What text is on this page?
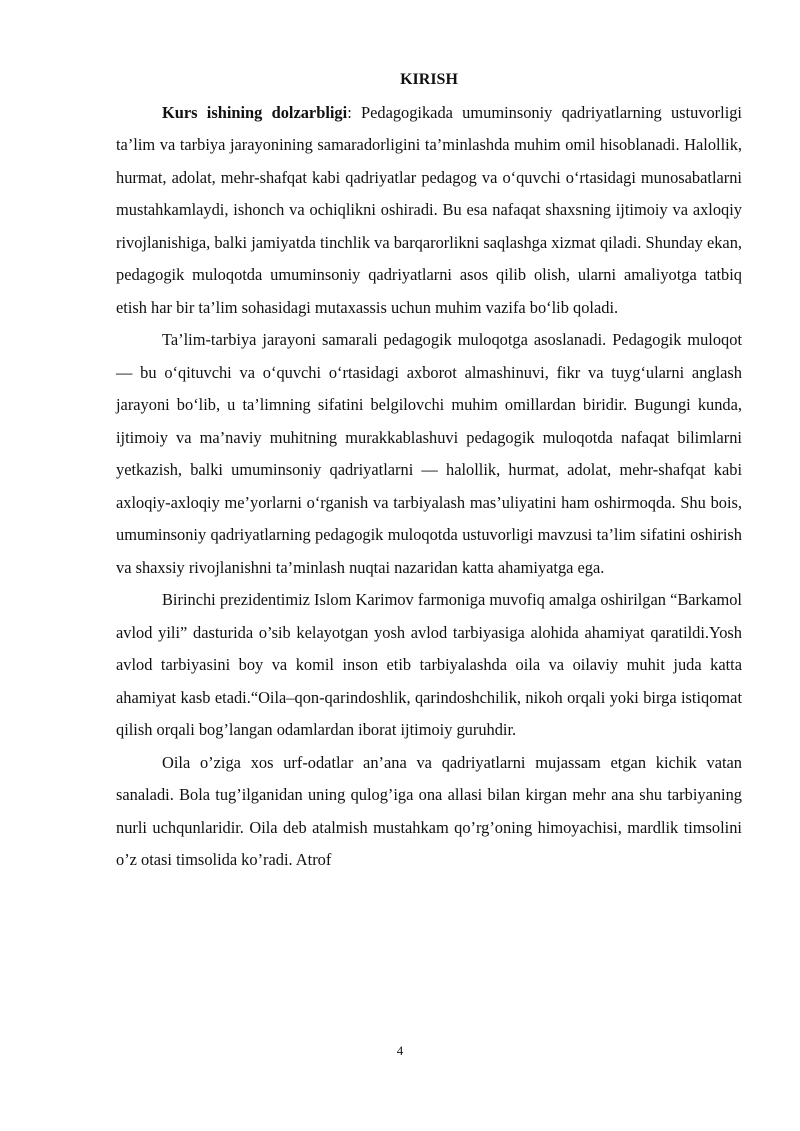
KIRISH

Kurs ishining dolzarbligi: Pedagogikada umuminsoniy qadriyatlarning ustuvorligi ta’lim va tarbiya jarayonining samaradorligini ta’minlashda muhim omil hisoblanadi. Halollik, hurmat, adolat, mehr-shafqat kabi qadriyatlar pedagog va o‘quvchi o‘rtasidagi munosabatlarni mustahkamlaydi, ishonch va ochiqlikni oshiradi. Bu esa nafaqat shaxsning ijtimoiy va axloqiy rivojlanishiga, balki jamiyatda tinchlik va barqarorlikni saqlashga xizmat qiladi. Shunday ekan, pedagogik muloqotda umuminsoniy qadriyatlarni asos qilib olish, ularni amaliyotga tatbiq etish har bir ta’lim sohasidagi mutaxassis uchun muhim vazifa bo‘lib qoladi.

Ta’lim-tarbiya jarayoni samarali pedagogik muloqotga asoslanadi. Pedagogik muloqot — bu o‘qituvchi va o‘quvchi o‘rtasidagi axborot almashinuvi, fikr va tuyg‘ularni anglash jarayoni bo‘lib, u ta’limning sifatini belgilovchi muhim omillardan biridir. Bugungi kunda, ijtimoiy va ma’naviy muhitning murakkablashuvi pedagogik muloqotda nafaqat bilimlarni yetkazish, balki umuminsoniy qadriyatlarni — halollik, hurmat, adolat, mehr-shafqat kabi axloqiy-axloqiy me’yorlarni o‘rganish va tarbiyalash mas’uliyatini ham oshirmoqda. Shu bois, umuminsoniy qadriyatlarning pedagogik muloqotda ustuvorligi mavzusi ta’lim sifatini oshirish va shaxsiy rivojlanishni ta’minlash nuqtai nazaridan katta ahamiyatga ega.

Birinchi prezidentimiz Islom Karimov farmoniga muvofiq amalga oshirilgan “Barkamol avlod yili” dasturida o’sib kelayotgan yosh avlod tarbiyasiga alohida ahamiyat qaratildi.Yosh avlod tarbiyasini boy va komil inson etib tarbiyalashda oila va oilaviy muhit juda katta ahamiyat kasb etadi.“Oila–qon-qarindoshlik, qarindoshchilik, nikoh orqali yoki birga istiqomat qilish orqali bog’langan odamlardan iborat ijtimoiy guruhdir.

Oila o’ziga xos urf-odatlar an’ana va qadriyatlarni mujassam etgan kichik vatan sanaladi. Bola tug’ilganidan uning qulog’iga ona allasi bilan kirgan mehr ana shu tarbiyaning nurli uchqunlaridir. Oila deb atalmish mustahkam qo’rg’oning himoyachisi, mardlik timsolini o’z otasi timsolida ko’radi. Atrof

4
